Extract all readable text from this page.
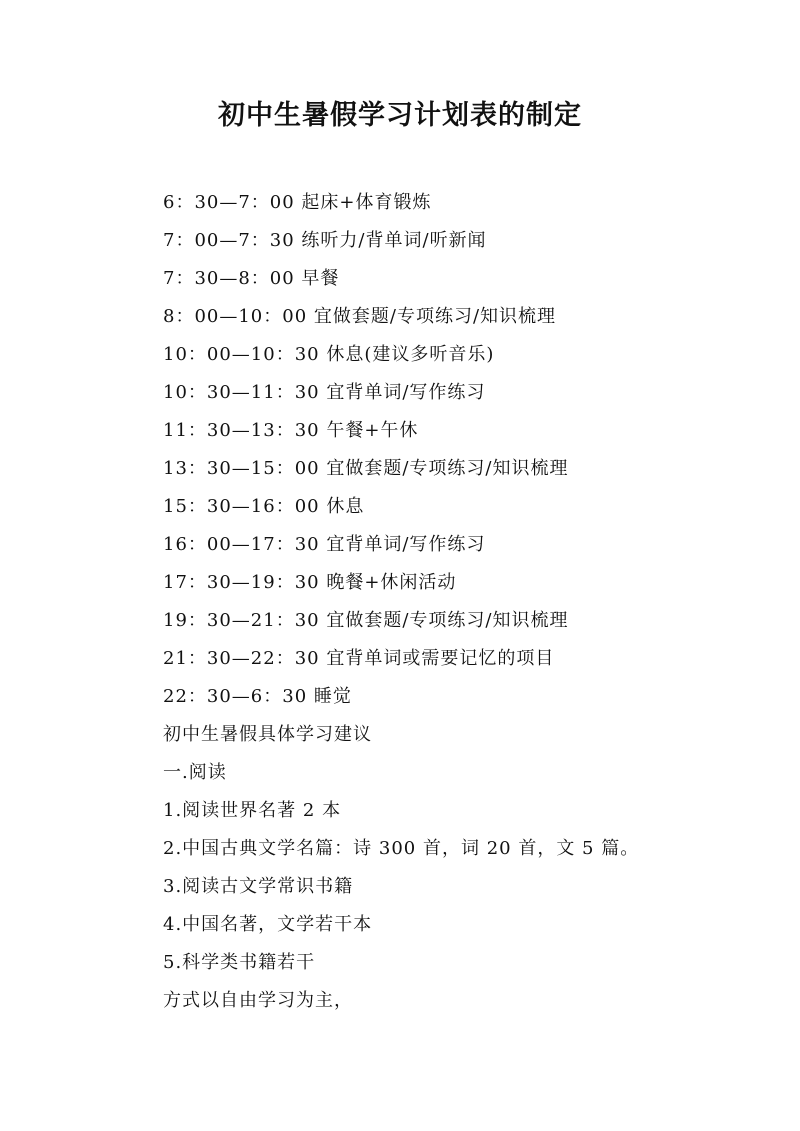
初中生暑假学习计划表的制定
6：30—7：00 起床+体育锻炼
7：00—7：30 练听力/背单词/听新闻
7：30—8：00 早餐
8：00—10：00 宜做套题/专项练习/知识梳理
10：00—10：30 休息(建议多听音乐)
10：30—11：30 宜背单词/写作练习
11：30—13：30 午餐+午休
13：30—15：00 宜做套题/专项练习/知识梳理
15：30—16：00 休息
16：00—17：30 宜背单词/写作练习
17：30—19：30 晚餐+休闲活动
19：30—21：30 宜做套题/专项练习/知识梳理
21：30—22：30 宜背单词或需要记忆的项目
22：30—6：30 睡觉
初中生暑假具体学习建议
一.阅读
1.阅读世界名著 2 本
2.中国古典文学名篇：诗 300 首，词 20 首，文 5 篇。
3.阅读古文学常识书籍
4.中国名著，文学若干本
5.科学类书籍若干
方式以自由学习为主，
